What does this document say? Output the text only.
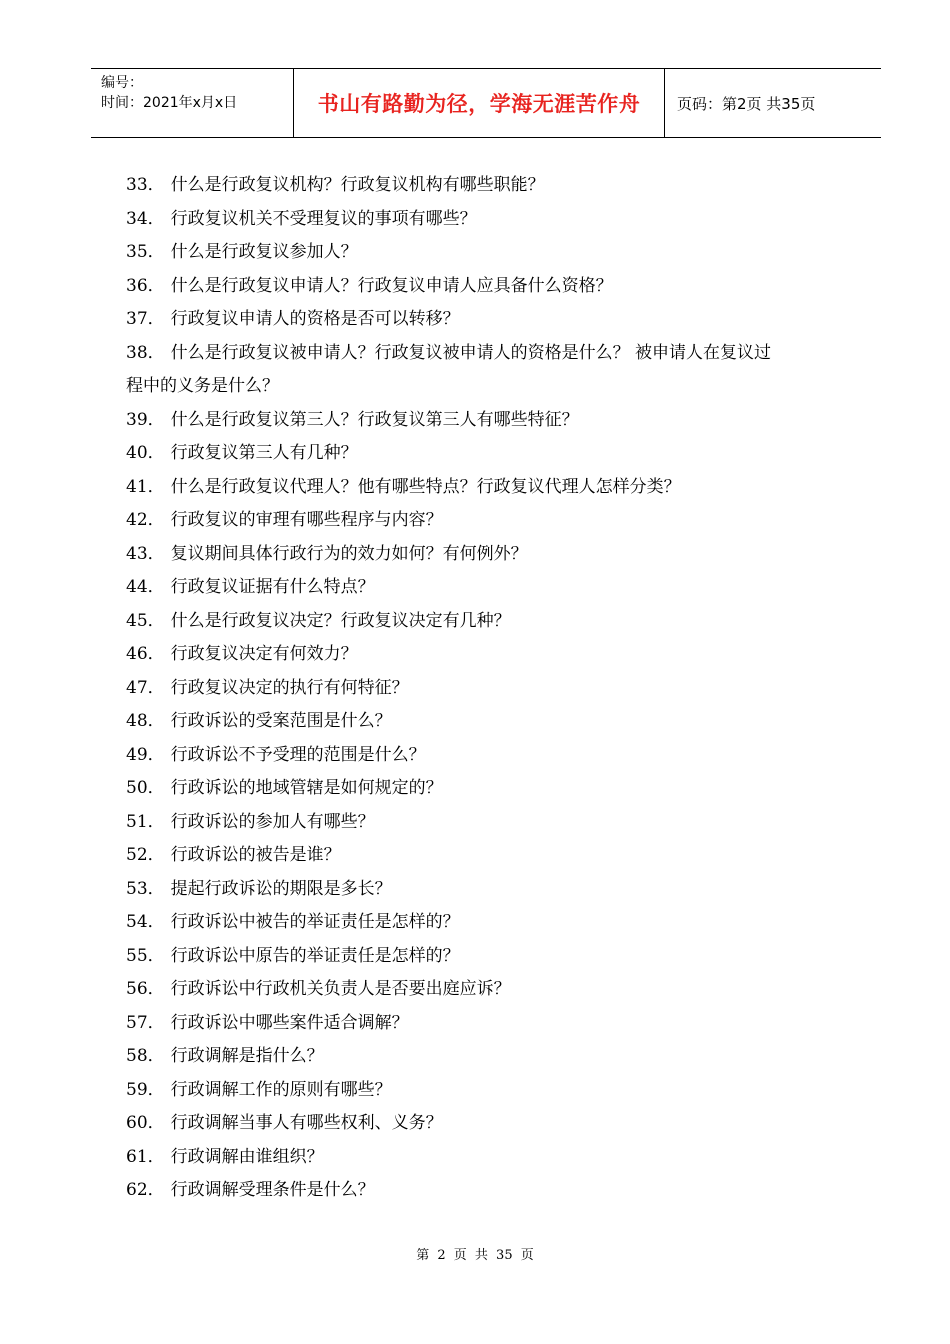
编号：
时间：2021年x月x日	书山有路勤为径，学海无涯苦作舟 页码：第2页 共35页

33． 什么是行政复议机构？行政复议机构有哪些职能？

34． 行政复议机关不受理复议的事项有哪些？

35． 什么是行政复议参加人？

36． 什么是行政复议申请人？行政复议申请人应具备什么资格？

37． 行政复议申请人的资格是否可以转移？

38． 什么是行政复议被申请人？行政复议被申请人的资格是什么？ 被申请人在复议过

程中的义务是什么？

39． 什么是行政复议第三人？行政复议第三人有哪些特征？

40． 行政复议第三人有几种？

41． 什么是行政复议代理人？他有哪些特点？行政复议代理人怎样分类？

42． 行政复议的审理有哪些程序与内容？

43． 复议期间具体行政行为的效力如何？有何例外？

44． 行政复议证据有什么特点？

45． 什么是行政复议决定？行政复议决定有几种？

46． 行政复议决定有何效力？

47． 行政复议决定的执行有何特征？

48． 行政诉讼的受案范围是什么？

49． 行政诉讼不予受理的范围是什么？

50． 行政诉讼的地域管辖是如何规定的？

51． 行政诉讼的参加人有哪些？

52． 行政诉讼的被告是谁？

53． 提起行政诉讼的期限是多长？

54． 行政诉讼中被告的举证责任是怎样的？

55． 行政诉讼中原告的举证责任是怎样的？

56． 行政诉讼中行政机关负责人是否要出庭应诉？

57． 行政诉讼中哪些案件适合调解？

58． 行政调解是指什么？

59． 行政调解工作的原则有哪些？

60． 行政调解当事人有哪些权利、义务？

61． 行政调解由谁组织？

62． 行政调解受理条件是什么？

第 2 页 共 35 页
